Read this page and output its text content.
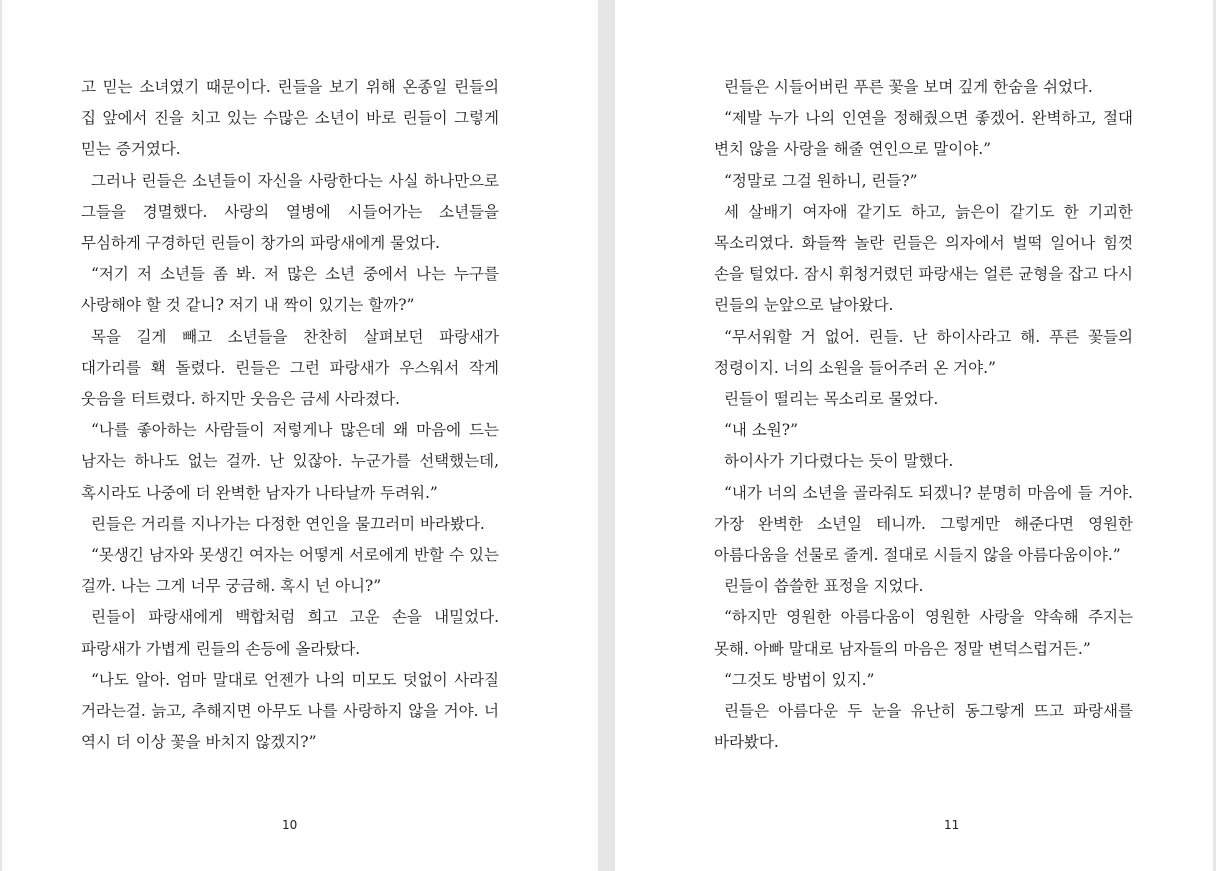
고 믿는 소녀였기 때문이다. 린들을 보기 위해 온종일 린들의 집 앞에서 진을 치고 있는 수많은 소년이 바로 린들이 그렇게 믿는 증거였다.

그러나 린들은 소년들이 자신을 사랑한다는 사실 하나만으로 그들을 경멸했다. 사랑의 열병에 시들어가는 소년들을 무심하게 구경하던 린들이 창가의 파랑새에게 물었다.

“저기 저 소년들 좀 봐. 저 많은 소년 중에서 나는 누구를 사랑해야 할 것 같니? 저기 내 짝이 있기는 할까?”

목을 길게 빼고 소년들을 찬찬히 살펴보던 파랑새가 대가리를 홱 돌렸다. 린들은 그런 파랑새가 우스워서 작게 웃음을 터트렸다. 하지만 웃음은 금세 사라졌다.

“나를 좋아하는 사람들이 저렇게나 많은데 왜 마음에 드는 남자는 하나도 없는 걸까. 난 있잖아. 누군가를 선택했는데, 혹시라도 나중에 더 완벽한 남자가 나타날까 두려워.”

린들은 거리를 지나가는 다정한 연인을 물끄러미 바라봤다.

“못생긴 남자와 못생긴 여자는 어떻게 서로에게 반할 수 있는 걸까. 나는 그게 너무 궁금해. 혹시 넌 아니?”

린들이 파랑새에게 백합처럼 희고 고운 손을 내밀었다. 파랑새가 가볍게 린들의 손등에 올라탔다.

“나도 알아. 엄마 말대로 언젠가 나의 미모도 덧없이 사라질 거라는걸. 늙고, 추해지면 아무도 나를 사랑하지 않을 거야. 너 역시 더 이상 꽃을 바치지 않겠지?”

10

린들은 시들어버린 푸른 꽃을 보며 깊게 한숨을 쉬었다.

“제발 누가 나의 인연을 정해줬으면 좋겠어. 완벽하고, 절대 변치 않을 사랑을 해줄 연인으로 말이야.”

“정말로 그걸 원하니, 린들?”

세 살배기 여자애 같기도 하고, 늙은이 같기도 한 기괴한 목소리였다. 화들짝 놀란 린들은 의자에서 벌떡 일어나 힘껏 손을 털었다. 잠시 휘청거렸던 파랑새는 얼른 균형을 잡고 다시 린들의 눈앞으로 날아왔다.

“무서워할 거 없어. 린들. 난 하이사라고 해. 푸른 꽃들의 정령이지. 너의 소원을 들어주러 온 거야.”

린들이 떨리는 목소리로 물었다.

“내 소원?”

하이사가 기다렸다는 듯이 말했다.

“내가 너의 소년을 골라줘도 되겠니? 분명히 마음에 들 거야. 가장 완벽한 소년일 테니까. 그렇게만 해준다면 영원한 아름다움을 선물로 줄게. 절대로 시들지 않을 아름다움이야.”

린들이 씁쓸한 표정을 지었다.

“하지만 영원한 아름다움이 영원한 사랑을 약속해 주지는 못해. 아빠 말대로 남자들의 마음은 정말 변덕스럽거든.”

“그것도 방법이 있지.”

린들은 아름다운 두 눈을 유난히 동그랗게 뜨고 파랑새를 바라봤다.

11
